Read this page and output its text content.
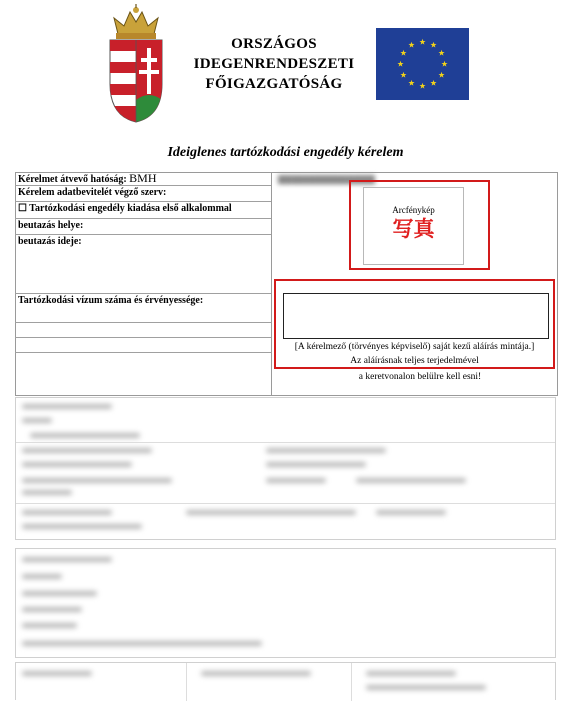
ORSZÁGOS
IDEGENRENDESZETI
FŐIGAZGATÓSÁG
Ideiglenes tartózkodási engedély kérelem
Kérelmet átvevő hatóság: BMH
Kérelem adatbevitelét végző szerv:
☐ Tartózkodási engedély kiadása első alkalommal
beutazás helye:
beutazás ideje:
Tartózkodási vízum száma és érvényessége:
▇▇▇▇▇▇▇▇▇▇▇▇▇▇
Arcfénykép
写真
[A kérelmező (törvényes képviselő) saját kezű aláírás mintája.]
Az aláírásnak teljes terjedelmével
a keretvonalon belülre kell esni!
